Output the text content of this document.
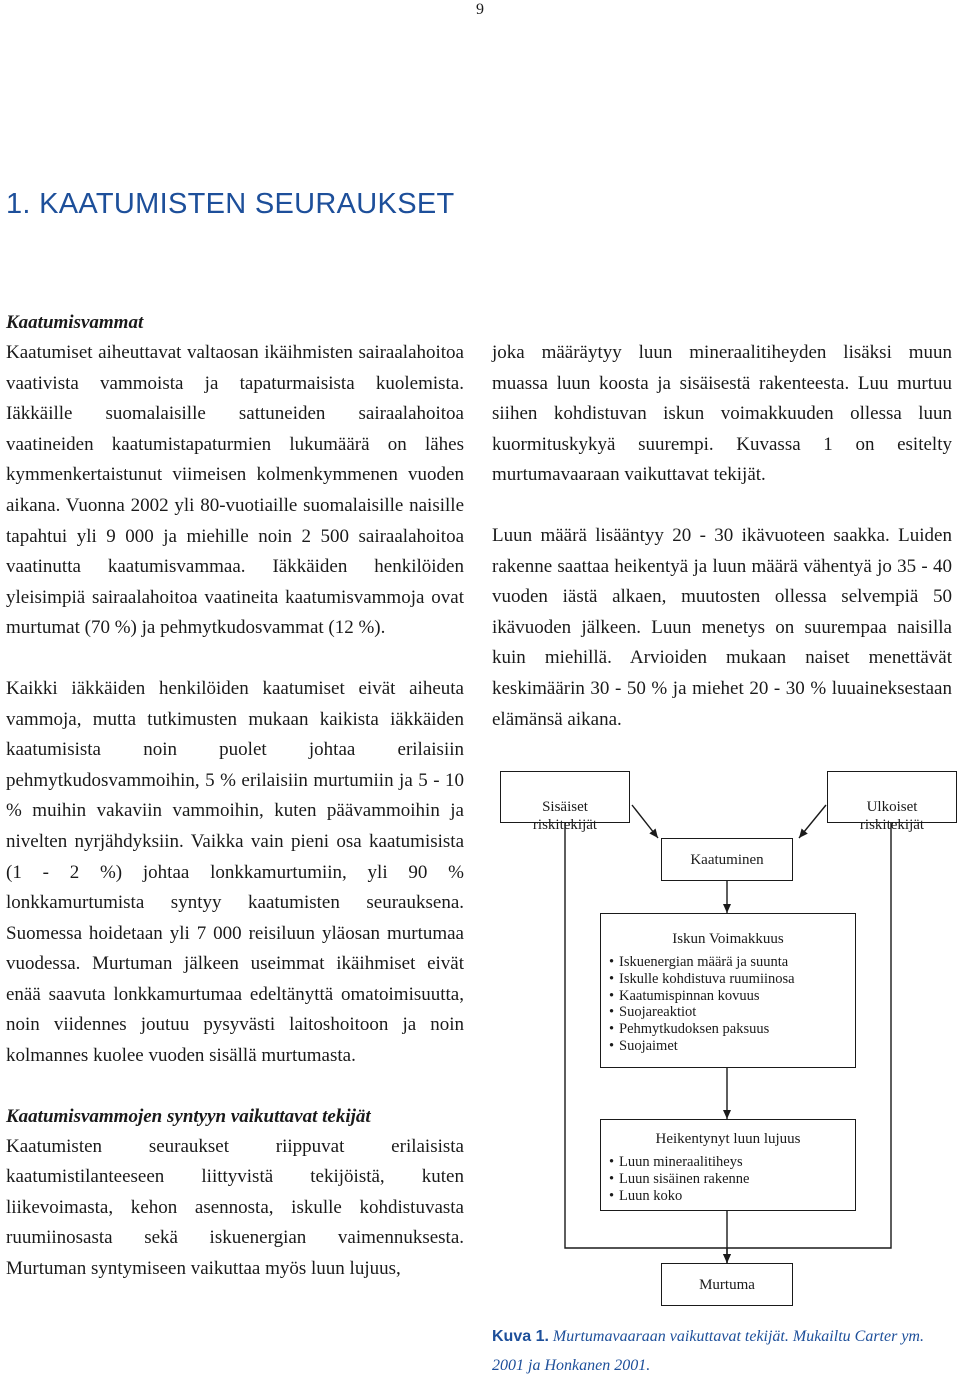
9
1. KAATUMISTEN SEURAUKSET
Kaatumisvammat

Kaatumiset aiheuttavat valtaosan ikäihmisten sairaalahoitoa vaativista vammoista ja tapaturmaisista kuolemista. Iäkkäille suomalaisille sattuneiden sairaalahoitoa vaatineiden kaatumistapaturmien lukumäärä on lähes kymmenkertaistunut viimeisen kolmenkymmenen vuoden aikana. Vuonna 2002 yli 80-vuotiaille suomalaisille naisille tapahtui yli 9 000 ja miehille noin 2 500 sairaalahoitoa vaatinutta kaatumisvammaa. Iäkkäiden henkilöiden yleisimpiä sairaalahoitoa vaatineita kaatumisvammoja ovat murtumat (70 %) ja pehmytkudosvammat (12 %).

Kaikki iäkkäiden henkilöiden kaatumiset eivät aiheuta vammoja, mutta tutkimusten mukaan kaikista iäkkäiden kaatumisista noin puolet johtaa erilaisiin pehmytkudosvammoihin, 5 % erilaisiin murtumiin ja 5 - 10 % muihin vakaviin vammoihin, kuten päävammoihin ja nivelten nyrjähdyksiin. Vaikka vain pieni osa kaatumisista (1 - 2 %) johtaa lonkkamurtumiin, yli 90 % lonkkamurtumista syntyy kaatumisten seurauksena. Suomessa hoidetaan yli 7 000 reisiluun yläosan murtumaa vuodessa. Murtuman jälkeen useimmat ikäihmiset eivät enää saavuta lonkkamurtumaa edeltänyttä omatoimisuutta, noin viidennes joutuu pysyvästi laitoshoitoon ja noin kolmannes kuolee vuoden sisällä murtumasta.

Kaatumisvammojen syntyyn vaikuttavat tekijät

Kaatumisten seuraukset riippuvat erilaisista kaatumistilanteeseen liittyvistä tekijöistä, kuten liikevoimasta, kehon asennosta, iskulle kohdistuvasta ruumiinosasta sekä iskuenergian vaimennuksesta. Murtuman syntymiseen vaikuttaa myös luun lujuus,

joka määräytyy luun mineraalitiheyden lisäksi muun muassa luun koosta ja sisäisestä rakenteesta. Luu murtuu siihen kohdistuvan iskun voimakkuuden ollessa luun kuormituskykyä suurempi. Kuvassa 1 on esitelty murtumavaaraan vaikuttavat tekijät.

Luun määrä lisääntyy 20 - 30 ikävuoteen saakka. Luiden rakenne saattaa heikentyä ja luun määrä vähentyä jo 35 - 40 vuoden iästä alkaen, muutosten ollessa selvempiä 50 ikävuoden jälkeen. Luun menetys on suurempaa naisilla kuin miehillä. Arvioiden mukaan naiset menettävät keskimäärin 30 - 50 % ja miehet 20 - 30 % luuaineksestaan elämänsä aikana.

Sisäiset
riskitekijät

Ulkoiset
riskitekijät

Kaatuminen
Iskun Voimakkuus
• Iskuenergian määrä ja suunta
• Iskulle kohdistuva ruumiinosa
• Kaatumispinnan kovuus
• Suojareaktiot
• Pehmytkudoksen paksuus
• Suojaimet
Heikentynyt luun lujuus
• Luun mineraalitiheys
• Luun sisäinen rakenne
• Luun koko
Murtuma
Kuva 1. Murtumavaaraan vaikuttavat tekijät. Mukailtu Carter ym. 2001 ja Honkanen 2001.
